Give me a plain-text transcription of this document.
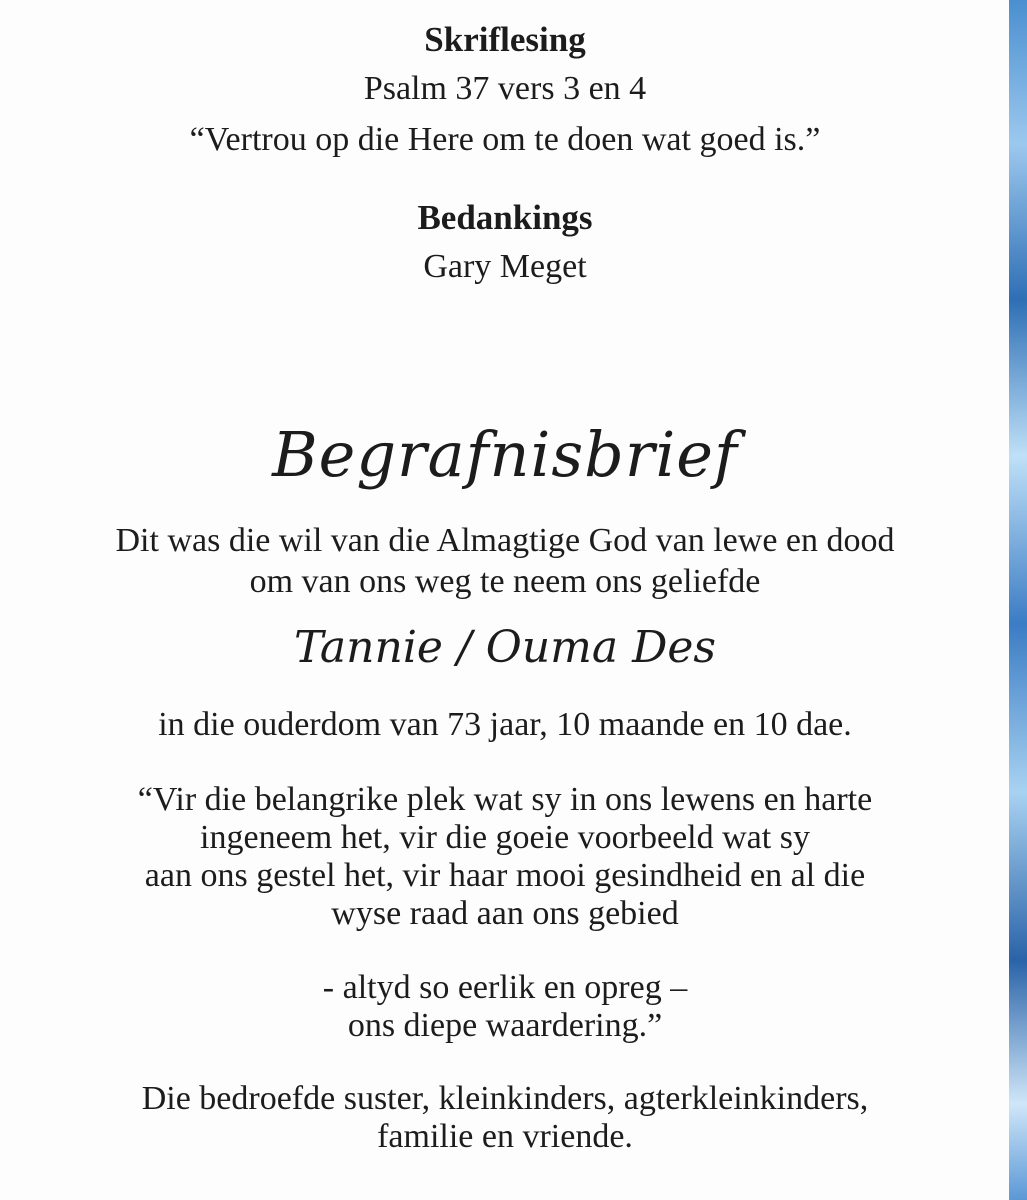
Skriflesing

Psalm 37 vers 3 en 4

“Vertrou op die Here om te doen wat goed is.”

Bedankings

Gary Meget

Begrafnisbrief

Dit was die wil van die Almagtige God van lewe en dood

om van ons weg te neem ons geliefde

Tannie / Ouma Des

in die ouderdom van 73 jaar, 10 maande en 10 dae.

“Vir die belangrike plek wat sy in ons lewens en harte

ingeneem het, vir die goeie voorbeeld wat sy

aan ons gestel het, vir haar mooi gesindheid en al die

wyse raad aan ons gebied

- altyd so eerlik en opreg –

ons diepe waardering.”

Die bedroefde suster, kleinkinders, agterkleinkinders,

familie en vriende.
